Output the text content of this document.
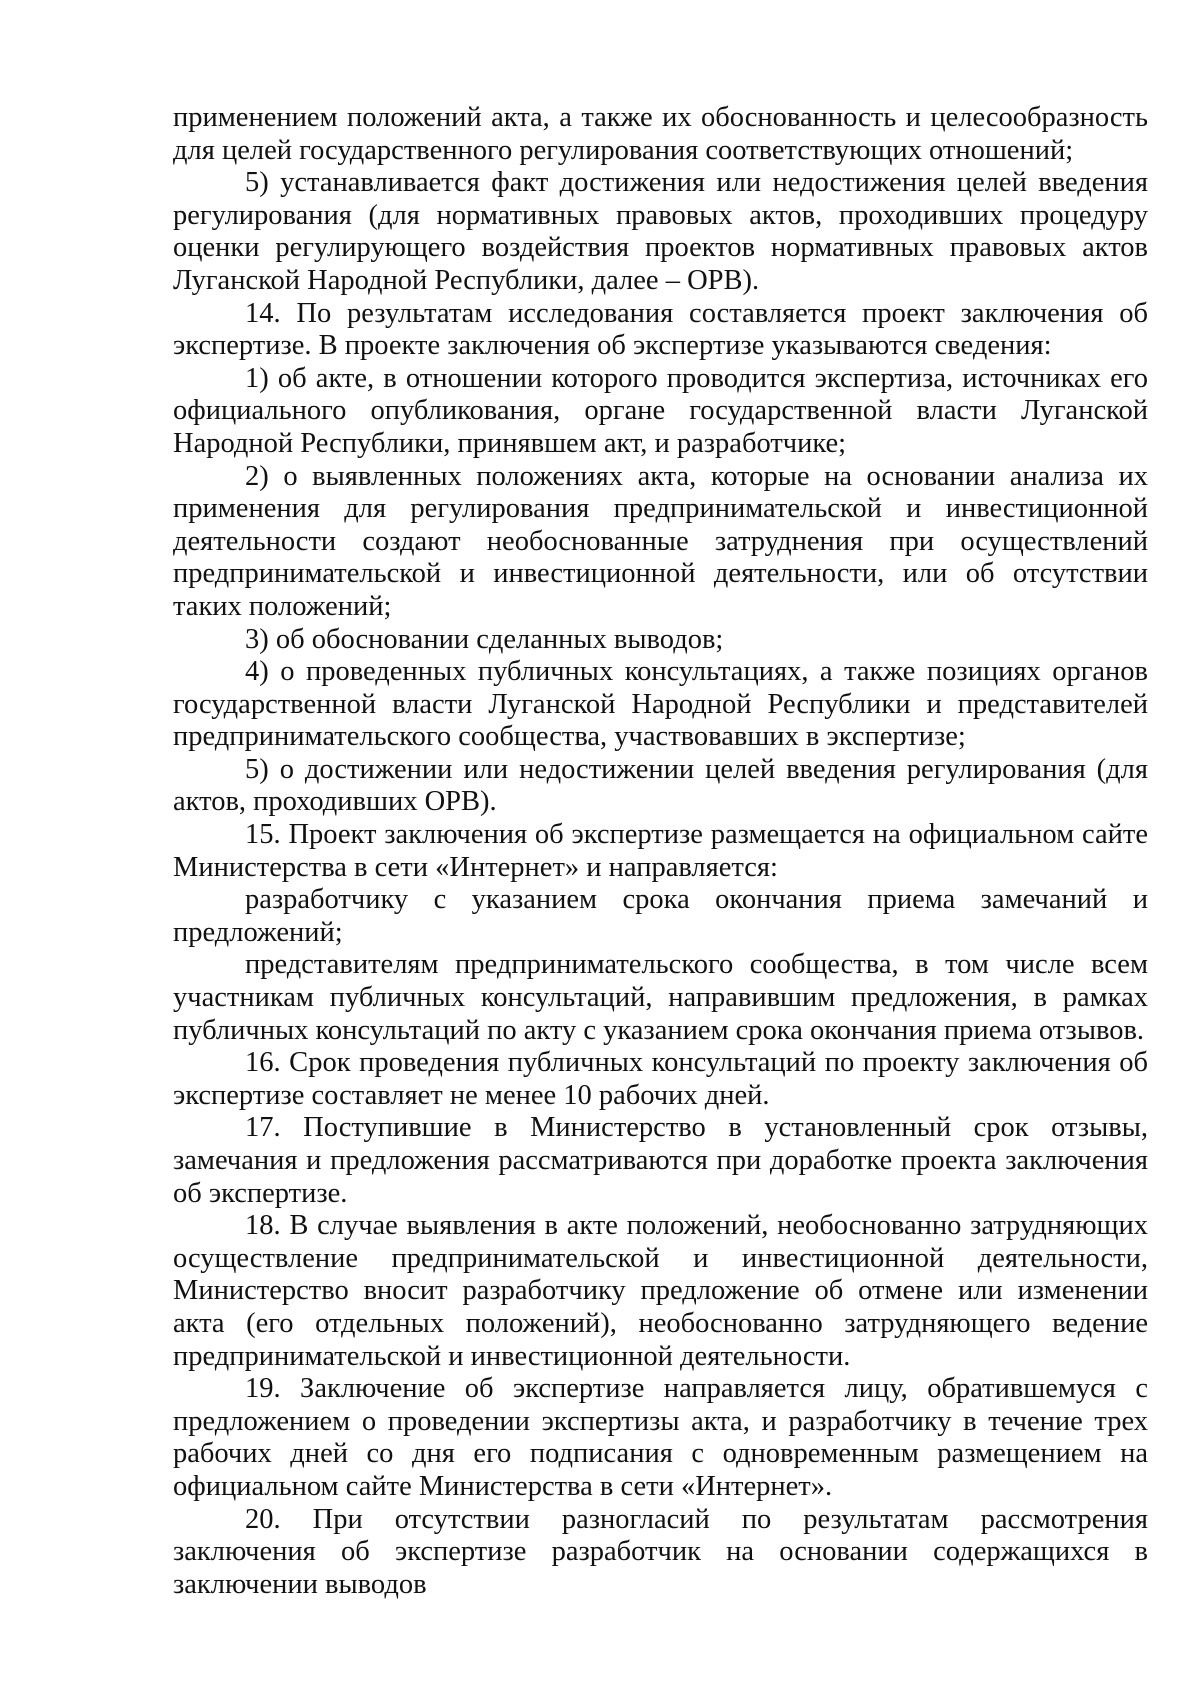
применением положений акта, а также их обоснованность и целесообразность для целей государственного регулирования соответствующих отношений;

5) устанавливается факт достижения или недостижения целей введения регулирования (для нормативных правовых актов, проходивших процедуру оценки регулирующего воздействия проектов нормативных правовых актов Луганской Народной Республики, далее – ОРВ).

14. По результатам исследования составляется проект заключения об экспертизе. В проекте заключения об экспертизе указываются сведения:

1) об акте, в отношении которого проводится экспертиза, источниках его официального опубликования, органе государственной власти Луганской Народной Республики, принявшем акт, и разработчике;

2) о выявленных положениях акта, которые на основании анализа их применения для регулирования предпринимательской и инвестиционной деятельности создают необоснованные затруднения при осуществлений предпринимательской и инвестиционной деятельности, или об отсутствии таких положений;

3) об обосновании сделанных выводов;

4) о проведенных публичных консультациях, а также позициях органов государственной власти Луганской Народной Республики и представителей предпринимательского сообщества, участвовавших в экспертизе;

5) о достижении или недостижении целей введения регулирования (для актов, проходивших ОРВ).

15. Проект заключения об экспертизе размещается на официальном сайте Министерства в сети «Интернет» и направляется:

разработчику с указанием срока окончания приема замечаний и предложений;

представителям предпринимательского сообщества, в том числе всем участникам публичных консультаций, направившим предложения, в рамках публичных консультаций по акту с указанием срока окончания приема отзывов.

16. Срок проведения публичных консультаций по проекту заключения об экспертизе составляет не менее 10 рабочих дней.

17. Поступившие в Министерство в установленный срок отзывы, замечания и предложения рассматриваются при доработке проекта заключения об экспертизе.

18. В случае выявления в акте положений, необоснованно затрудняющих осуществление предпринимательской и инвестиционной деятельности, Министерство вносит разработчику предложение об отмене или изменении акта (его отдельных положений), необоснованно затрудняющего ведение предпринимательской и инвестиционной деятельности.

19. Заключение об экспертизе направляется лицу, обратившемуся с предложением о проведении экспертизы акта, и разработчику в течение трех рабочих дней со дня его подписания с одновременным размещением на официальном сайте Министерства в сети «Интернет».

20. При отсутствии разногласий по результатам рассмотрения заключения об экспертизе разработчик на основании содержащихся в заключении выводов
